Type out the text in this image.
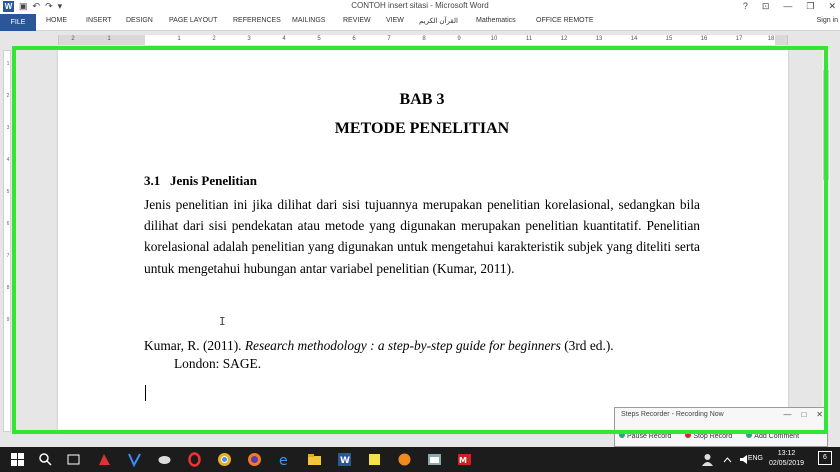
W ▣ ↶ ↷ ▾	CONTOH insert sitasi - Microsoft Word	? ⊡ — ❐ ✕
FILE	HOME	INSERT DESIGN PAGE LAYOUT REFERENCES MAILINGS	REVIEW VIEW القرآن الكريم	Mathematics	OFFICE REMOTE	Sign in
2	1	1	2	3	4	5	6	7	8	9	10	11	12	13	14	15	16	17	18
1
2
3
4
5
6
7
8
9
BAB 3
METODE PENELITIAN
3.1 Jenis Penelitian
Jenis penelitian ini jika dilihat dari sisi tujuannya merupakan penelitian korelasional, sedangkan bila dilihat dari sisi pendekatan atau metode yang digunakan merupakan penelitian kuantitatif. Penelitian korelasional adalah penelitian yang digunakan untuk mengetahui karakteristik subjek yang diteliti serta untuk mengetahui hubungan antar variabel penelitian (Kumar, 2011).
Kumar, R. (2011). Research methodology : a step-by-step guide for beginners (3rd ed.).
London: SAGE.
I
Steps Recorder - Recording Now	— □ ✕
Pause Record	Stop Record	Add Comment
e	W	M	ENG
13:12
02/05/2019
6
